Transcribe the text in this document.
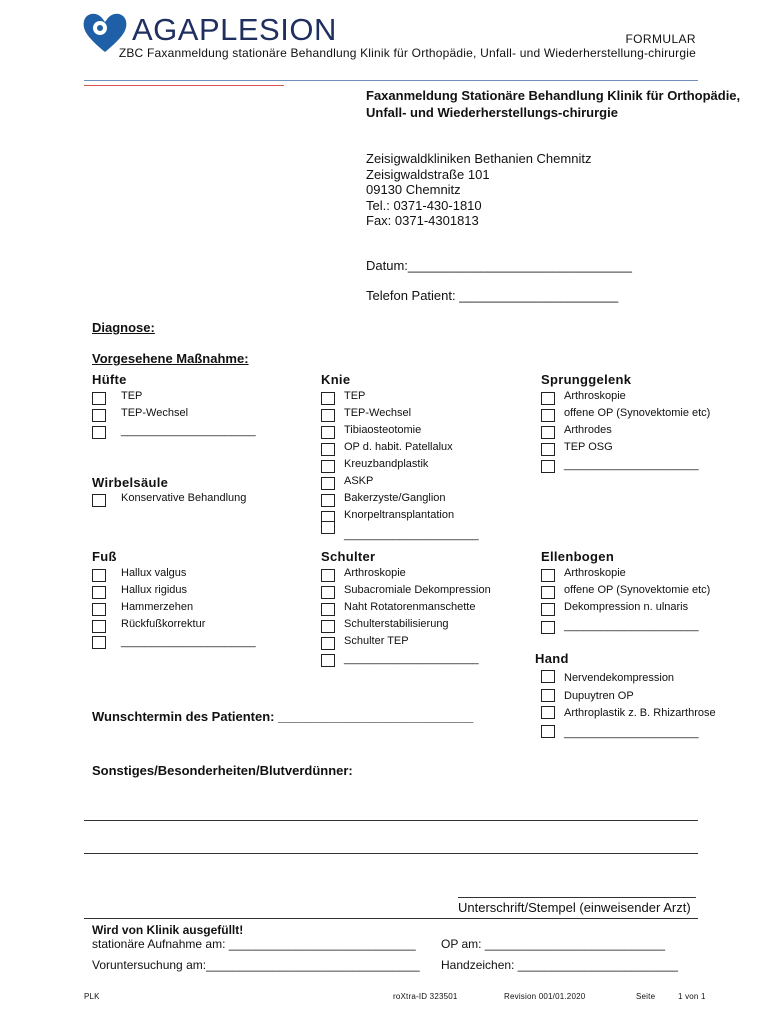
AGAPLESION	FORMULAR
ZBC Faxanmeldung stationäre Behandlung Klinik für Orthopädie, Unfall- und Wiederherstellung-chirurgie
Faxanmeldung Stationäre Behandlung Klinik für Orthopädie, Unfall- und Wiederherstellungs-chirurgie
Zeisigwaldkliniken Bethanien Chemnitz
Zeisigwaldstraße 101
09130 Chemnitz
Tel.: 0371-430-1810
Fax: 0371-4301813
Datum:_______________________________
Telefon Patient: ______________________
Diagnose:
Vorgesehene Maßnahme:
Hüfte
TEP
TEP-Wechsel
______________________
Wirbelsäule
Konservative Behandlung
Knie
TEP
TEP-Wechsel
Tibiaosteotomie
OP d. habit. Patellalux
Kreuzbandplastik
ASKP
Bakerzyste/Ganglion
Knorpeltransplantation
______________________
Sprunggelenk
Arthroskopie
offene OP (Synovektomie etc)
Arthrodes
TEP OSG
______________________
Fuß
Hallux valgus
Hallux rigidus
Hammerzehen
Rückfußkorrektur
______________________
Schulter
Arthroskopie
Subacromiale Dekompression
Naht Rotatorenmanschette
Schulterstabilisierung
Schulter TEP
______________________
Ellenbogen
Arthroskopie
offene OP (Synovektomie etc)
Dekompression n. ulnaris
______________________
Hand
Nervendekompression
Dupuytren OP
Arthroplastik z. B. Rhizarthrose
______________________
Wunschtermin des Patienten: ___________________________
Sonstiges/Besonderheiten/Blutverdünner:
Unterschrift/Stempel (einweisender Arzt)
Wird von Klinik ausgefüllt!
stationäre Aufnahme am: ____________________________ OP am: ___________________________
Voruntersuchung am:________________________________ Handzeichen: ________________________
PLK	roXtra-ID 323501	Revision 001/01.2020	Seite	1 von 1
